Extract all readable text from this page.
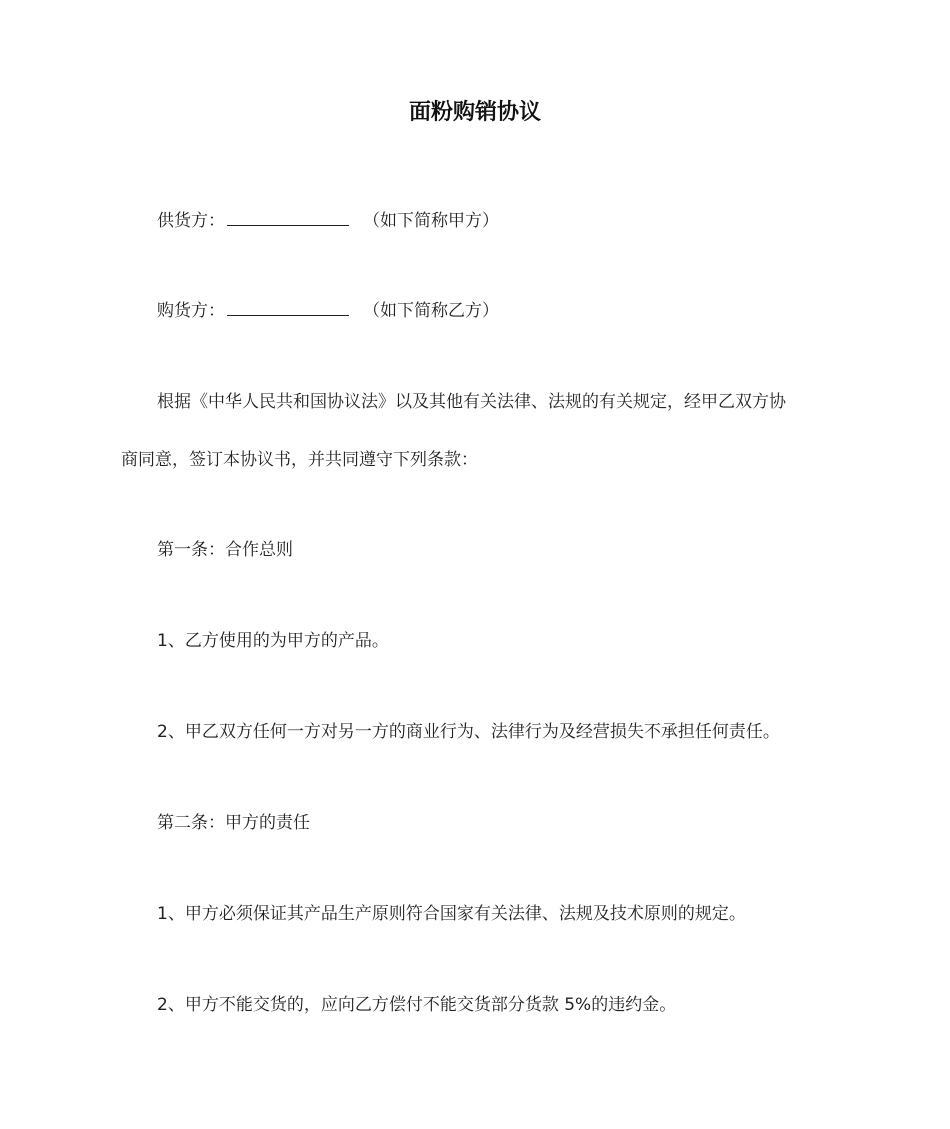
面粉购销协议
供货方：	（如下简称甲方）
购货方：	（如下简称乙方）
根据《中华人民共和国协议法》以及其他有关法律、法规的有关规定，经甲乙双方协
商同意，签订本协议书，并共同遵守下列条款：
第一条：合作总则
1、乙方使用的为甲方的产品。
2、甲乙双方任何一方对另一方的商业行为、法律行为及经营损失不承担任何责任。
第二条：甲方的责任
1、甲方必须保证其产品生产原则符合国家有关法律、法规及技术原则的规定。
2、甲方不能交货的，应向乙方偿付不能交货部分货款 5%的违约金。
